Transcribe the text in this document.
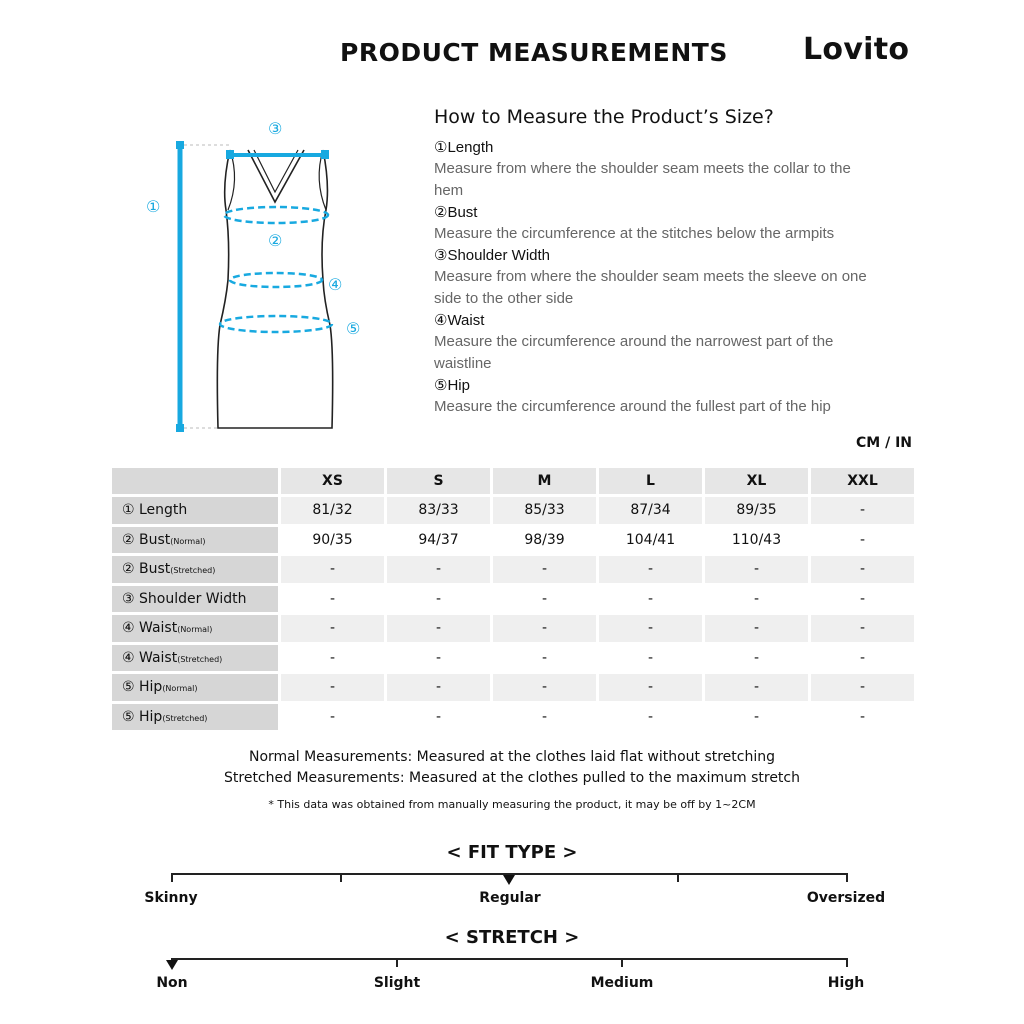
PRODUCT MEASUREMENTS	Lovito
①
③
②
④
⑤
How to Measure the Product’s Size?
①Length
Measure from where the shoulder seam meets the collar to the hem
②Bust
Measure the circumference at the stitches below the armpits
③Shoulder Width
Measure from where the shoulder seam meets the sleeve on one side to the other side
④Waist
Measure the circumference around the narrowest part of the waistline
⑤Hip
Measure the circumference around the fullest part of the hip
CM / IN
	XS	S	M	L	XL	XXL
① Length	81/32	83/33	85/33	87/34	89/35	-
② Bust(Normal)	90/35	94/37	98/39	104/41	110/43	-
② Bust(Stretched)	-	-	-	-	-	-
③ Shoulder Width	-	-	-	-	-	-
④ Waist(Normal)	-	-	-	-	-	-
④ Waist(Stretched)	-	-	-	-	-	-
⑤ Hip(Normal)	-	-	-	-	-	-
⑤ Hip(Stretched)	-	-	-	-	-	-
Normal Measurements: Measured at the clothes laid flat without stretching
Stretched Measurements: Measured at the clothes pulled to the maximum stretch
* This data was obtained from manually measuring the product, it may be off by 1~2CM
< FIT TYPE >
Skinny	Regular	Oversized
< STRETCH >
Non	Slight	Medium	High
